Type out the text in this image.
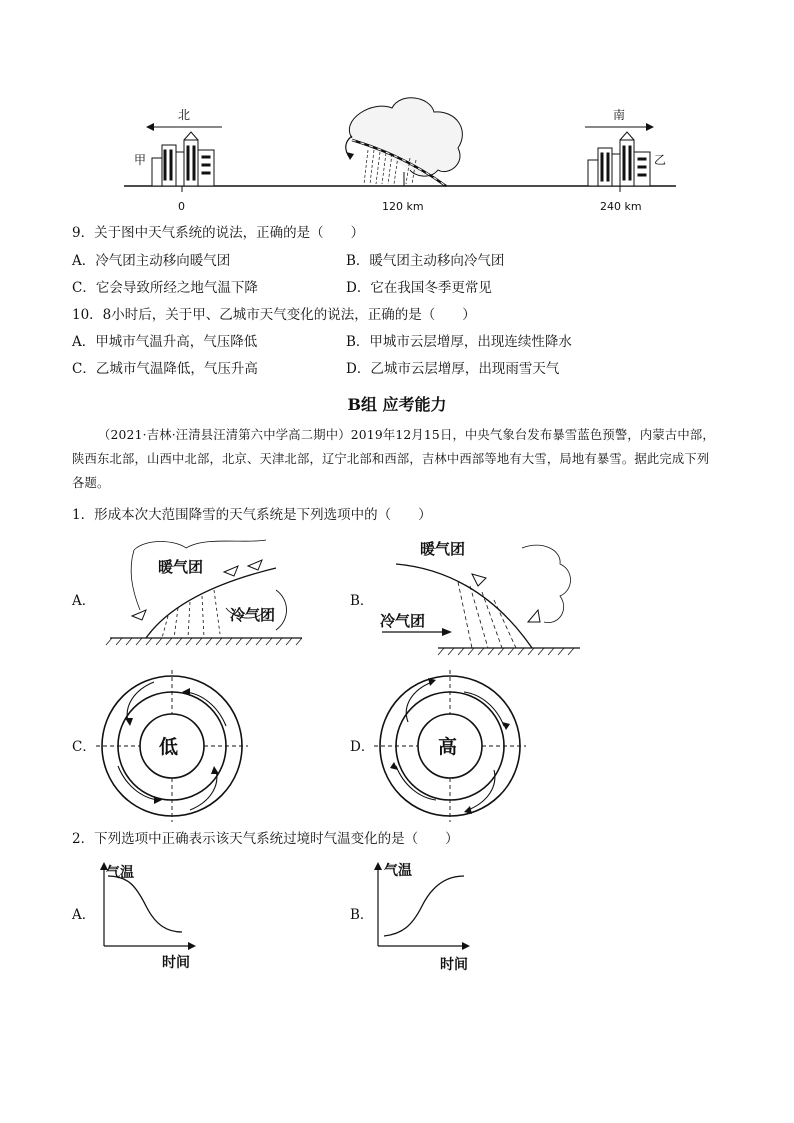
北	南
甲	乙
0	120 km	240 km
9．关于图中天气系统的说法，正确的是（　　）
A．冷气团主动移向暖气团	B．暖气团主动移向冷气团
C．它会导致所经之地气温下降	D．它在我国冬季更常见
10．8小时后，关于甲、乙城市天气变化的说法，正确的是（　　）
A．甲城市气温升高，气压降低	B．甲城市云层增厚，出现连续性降水
C．乙城市气温降低，气压升高	D．乙城市云层增厚，出现雨雪天气
B组 应考能力
（2021·吉林·汪清县汪清第六中学高二期中）2019年12月15日，中央气象台发布暴雪蓝色预警，内蒙古中部，陕西东北部，山西中北部，北京、天津北部，辽宁北部和西部，吉林中西部等地有大雪，局地有暴雪。据此完成下列各题。
1．形成本次大范围降雪的天气系统是下列选项中的（　　）
A．
暖气团
冷气团
B．
暖气团
冷气团
C．	低	D．	高
2．下列选项中正确表示该天气系统过境时气温变化的是（　　）
A．
气温
时间
B．
气温
时间
